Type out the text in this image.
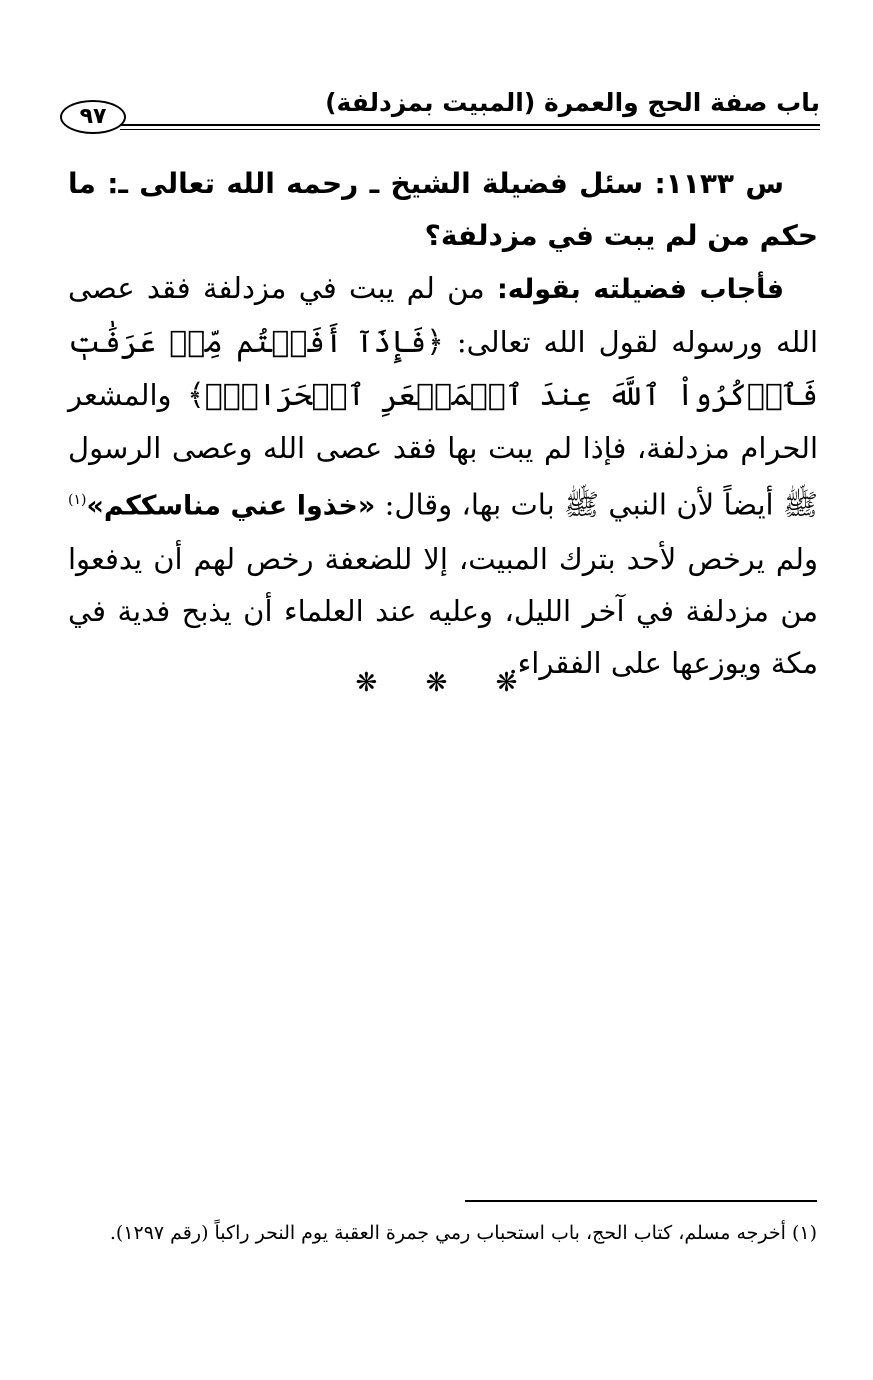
باب صفة الحج والعمرة (المبيت بمزدلفة)
٩٧

س ١١٣٣: سئل فضيلة الشيخ ـ رحمه الله تعالى ـ: ما حكم من لم يبت في مزدلفة؟

فأجاب فضيلته بقوله: من لم يبت في مزدلفة فقد عصى الله ورسوله لقول الله تعالى: ﴿فَإِذَآ أَفَضۡتُم مِّنۡ عَرَفَٰتٖ فَٱذۡكُرُواْ ٱللَّهَ عِندَ ٱلۡمَشۡعَرِ ٱلۡحَرَامِۖ﴾ والمشعر الحرام مزدلفة، فإذا لم يبت بها فقد عصى الله وعصى الرسول ﷺ أيضاً لأن النبي ﷺ بات بها، وقال: «خذوا عني مناسككم»$^{(١)}$ ولم يرخص لأحد بترك المبيت، إلا للضعفة رخص لهم أن يدفعوا من مزدلفة في آخر الليل، وعليه عند العلماء أن يذبح فدية في مكة ويوزعها على الفقراء.

❋ ❋ ❋
(١) أخرجه مسلم، كتاب الحج، باب استحباب رمي جمرة العقبة يوم النحر راكباً (رقم ١٢٩٧).
